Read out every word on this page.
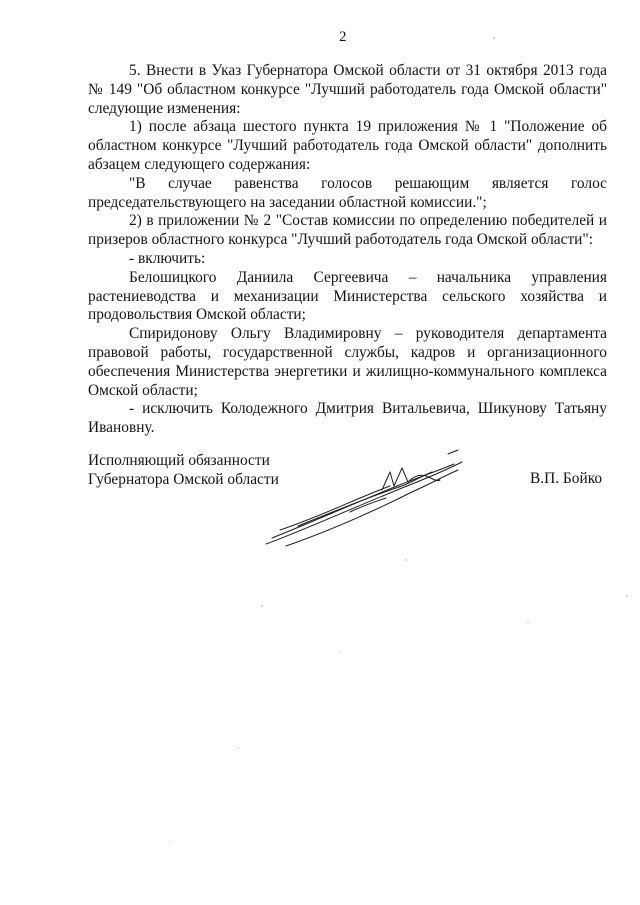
2

5. Внести в Указ Губернатора Омской области от 31 октября 2013 года № 149 "Об областном конкурсе "Лучший работодатель года Омской области" следующие изменения:

1) после абзаца шестого пункта 19 приложения № 1 "Положение об областном конкурсе "Лучший работодатель года Омской области" дополнить абзацем следующего содержания:

"В случае равенства голосов решающим является голос председательствующего на заседании областной комиссии.";

2) в приложении № 2 "Состав комиссии по определению победителей и призеров областного конкурса "Лучший работодатель года Омской области":

- включить:

Белошицкого Даниила Сергеевича – начальника управления растениеводства и механизации Министерства сельского хозяйства и продовольствия Омской области;

Спиридонову Ольгу Владимировну – руководителя департамента правовой работы, государственной службы, кадров и организационного обеспечения Министерства энергетики и жилищно-коммунального комплекса Омской области;

- исключить Колодежного Дмитрия Витальевича, Шикунову Татьяну Ивановну.

Исполняющий обязанности
Губернатора Омской области	В.П. Бойко
